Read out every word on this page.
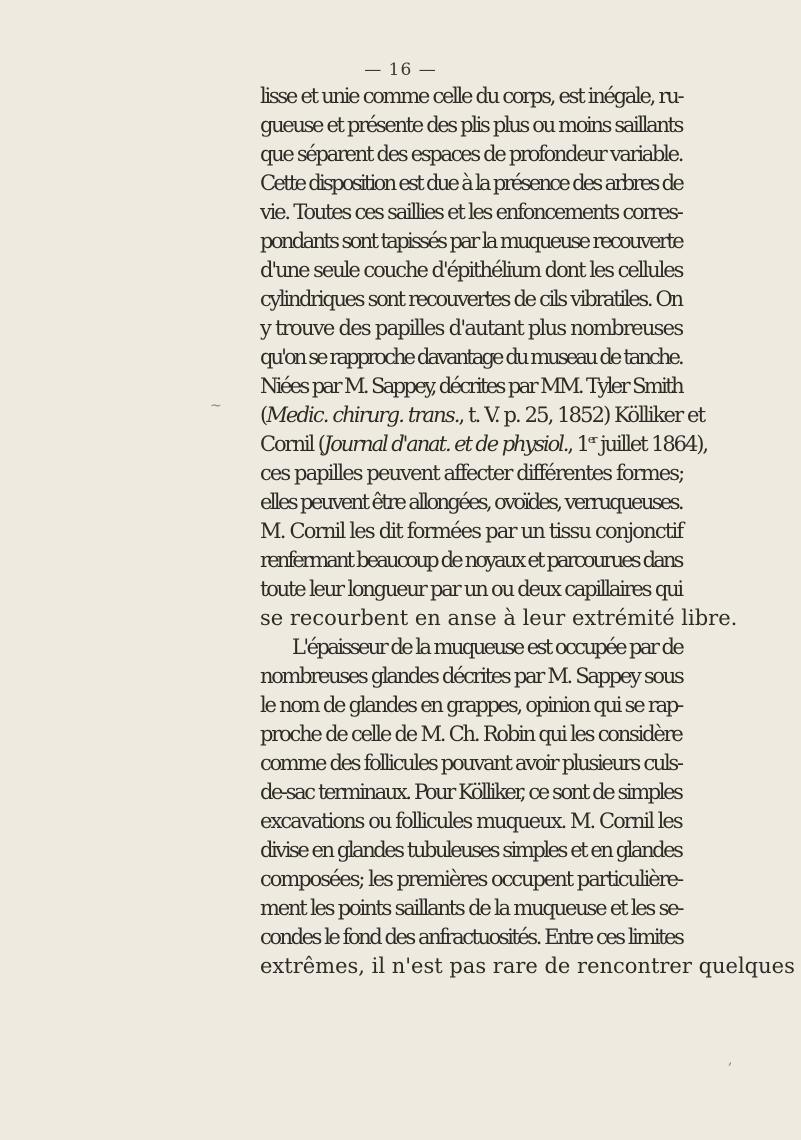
— 16 —
lisse et unie comme celle du corps, est inégale, ru-
gueuse et présente des plis plus ou moins saillants
que séparent des espaces de profondeur variable.
Cette disposition est due à la présence des arbres de
vie. Toutes ces saillies et les enfoncements corres-
pondants sont tapissés par la muqueuse recouverte
d'une seule couche d'épithélium dont les cellules
cylindriques sont recouvertes de cils vibratiles. On
y trouve des papilles d'autant plus nombreuses
qu'on se rapproche davantage du museau de tanche.
Niées par M. Sappey, décrites par MM. Tyler Smith
(Medic. chirurg. trans., t. V. p. 25, 1852) Kölliker et
Cornil (Journal d'anat. et de physiol., 1er juillet 1864),
ces papilles peuvent affecter différentes formes;
elles peuvent être allongées, ovoïdes, verruqueuses.
M. Cornil les dit formées par un tissu conjonctif
renfermant beaucoup de noyaux et parcourues dans
toute leur longueur par un ou deux capillaires qui
se recourbent en anse à leur extrémité libre.
L'épaisseur de la muqueuse est occupée par de
nombreuses glandes décrites par M. Sappey sous
le nom de glandes en grappes, opinion qui se rap-
proche de celle de M. Ch. Robin qui les considère
comme des follicules pouvant avoir plusieurs culs-
de-sac terminaux. Pour Kölliker, ce sont de simples
excavations ou follicules muqueux. M. Cornil les
divise en glandes tubuleuses simples et en glandes
composées; les premières occupent particulière-
ment les points saillants de la muqueuse et les se-
condes le fond des anfractuosités. Entre ces limites
extrêmes, il n'est pas rare de rencontrer quelques
~
,
